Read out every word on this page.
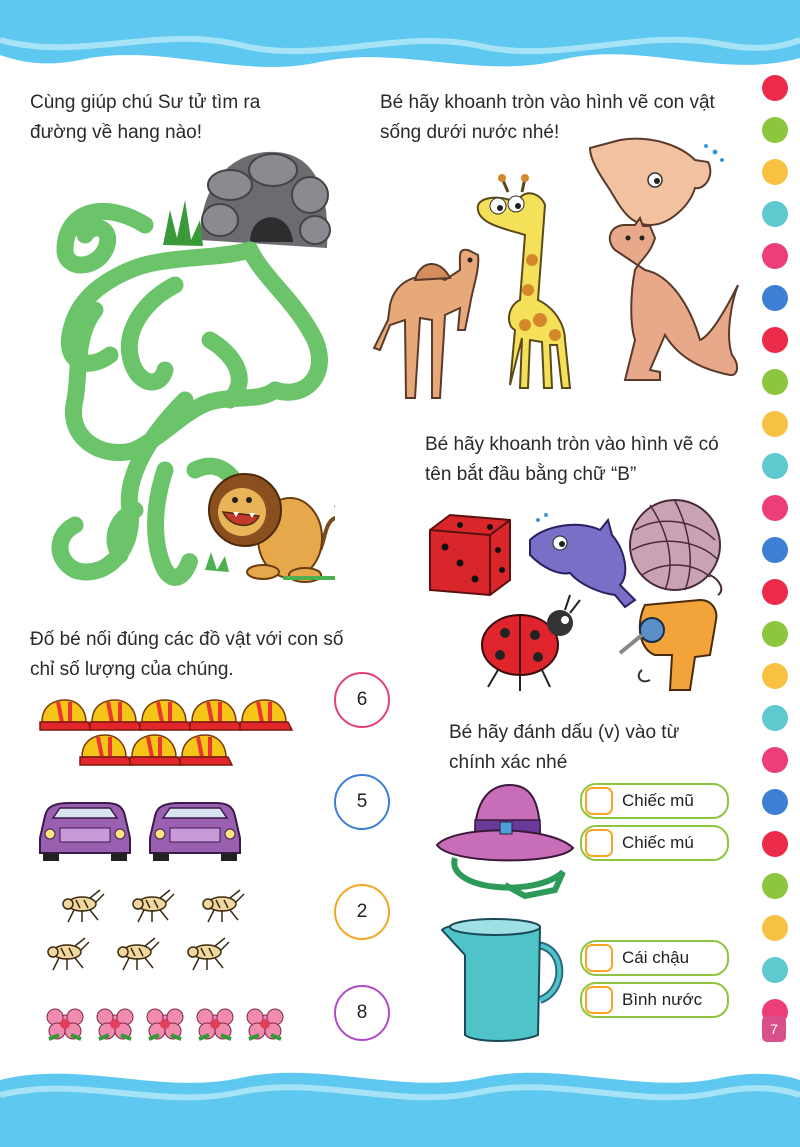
Cùng giúp chú Sư tử tìm ra đường về hang nào!
Bé hãy khoanh tròn vào hình vẽ con vật sống dưới nước nhé!
Bé hãy khoanh tròn vào hình vẽ có tên bắt đầu bằng chữ “B”
Đố bé nối đúng các đồ vật với con số chỉ số lượng của chúng.
6
5
2
8
Bé hãy đánh dấu (v) vào từ chính xác nhé
Chiếc mũ
Chiếc mú
Cái chậu
Bình nước
7
